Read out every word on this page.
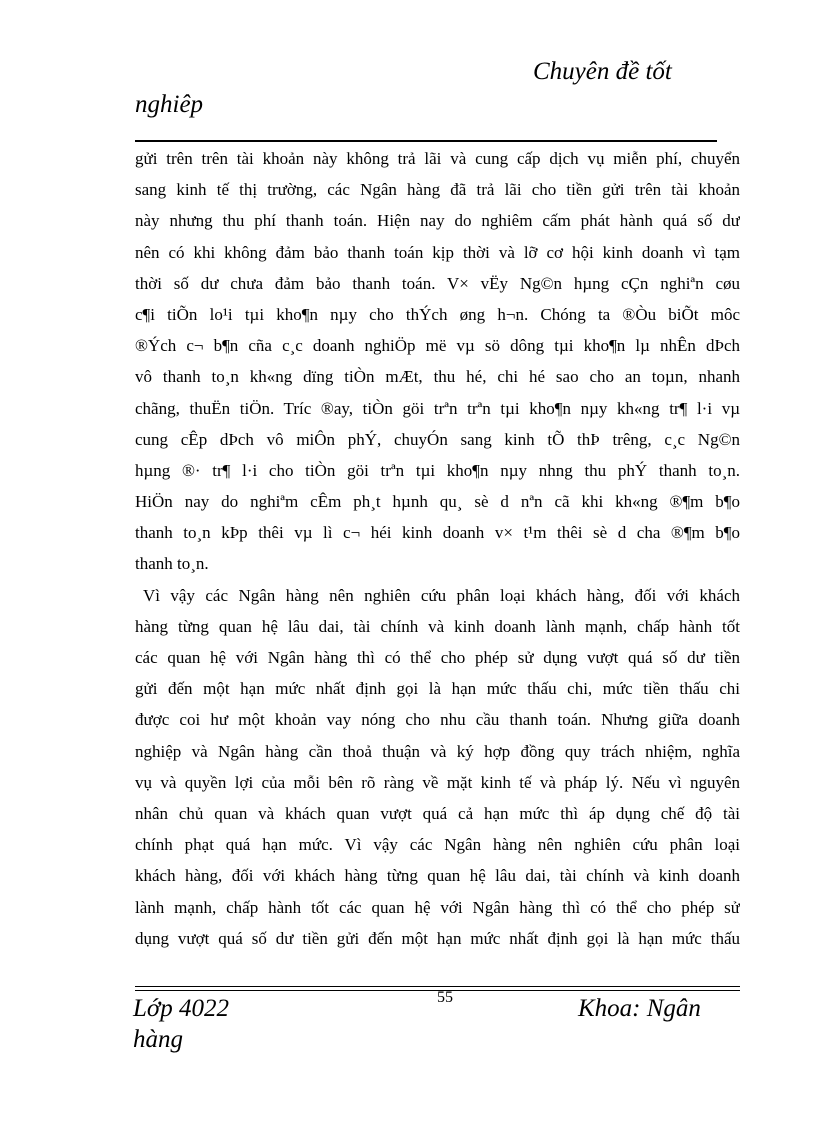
Chuyên đề tốt
nghiêp
gửi trên trên tài khoản này không trả lãi và cung cấp dịch vụ miễn phí, chuyển
sang kinh tế thị trường, các Ngân hàng đã trả lãi cho tiền gửi trên tài khoản
này nhưng thu phí thanh toán. Hiện nay do nghiêm cấm phát hành quá số dư
nên có khi không đảm bảo thanh toán kịp thời và lỡ cơ hội kinh doanh vì tạm
thời số dư chưa đảm bảo thanh toán. V× vËy Ng©n hµng cÇn nghiªn cøu
c¶i tiÕn lo¹i tµi kho¶n nµy cho thÝch øng h¬n. Chóng ta ®Òu biÕt môc
®Ých c¬ b¶n cña c¸c doanh nghiÖp më vµ sö dông tµi kho¶n lµ nhÊn dÞch
vô thanh to¸n kh«ng dïng tiÒn mÆt, thu hé, chi hé sao cho an toµn, nhanh
chãng, thuËn tiÖn. Tríc ®ay, tiÒn göi trªn trªn tµi kho¶n nµy kh«ng tr¶ l·i vµ
cung cÊp dÞch vô miÔn phÝ, chuyÓn sang kinh tÕ thÞ trêng, c¸c Ng©n
hµng ®· tr¶ l·i cho tiÒn göi trªn tµi kho¶n nµy nhng thu phÝ thanh to¸n.
HiÖn nay do nghiªm cÊm ph¸t hµnh qu¸ sè d nªn cã khi kh«ng ®¶m b¶o
thanh to¸n kÞp thêi vµ lì c¬ héi kinh doanh v× t¹m thêi sè d cha ®¶m b¶o
thanh to¸n.
Vì vậy các Ngân hàng nên nghiên cứu phân loại khách hàng, đối với khách
hàng từng quan hệ lâu dai, tài chính và kinh doanh lành mạnh, chấp hành tốt
các quan hệ với Ngân hàng thì có thể cho phép sử dụng vượt quá số dư tiền
gửi đến một hạn mức nhất định gọi là hạn mức thấu chi, mức tiền thấu chi
được coi hư một khoản vay nóng cho nhu cầu thanh toán. Nhưng giữa doanh
nghiệp và Ngân hàng cần thoả thuận và ký hợp đồng quy trách nhiệm, nghĩa
vụ và quyền lợi của mỗi bên rõ ràng về mặt kinh tế và pháp lý. Nếu vì nguyên
nhân chủ quan và khách quan vượt quá cả hạn mức thì áp dụng chế độ tài
chính phạt quá hạn mức. Vì vậy các Ngân hàng nên nghiên cứu phân loại
khách hàng, đối với khách hàng từng quan hệ lâu dai, tài chính và kinh doanh
lành mạnh, chấp hành tốt các quan hệ với Ngân hàng thì có thể cho phép sử
dụng vượt quá số dư tiền gửi đến một hạn mức nhất định gọi là hạn mức thấu
Lớp 4022
hàng
55	Khoa: Ngân
